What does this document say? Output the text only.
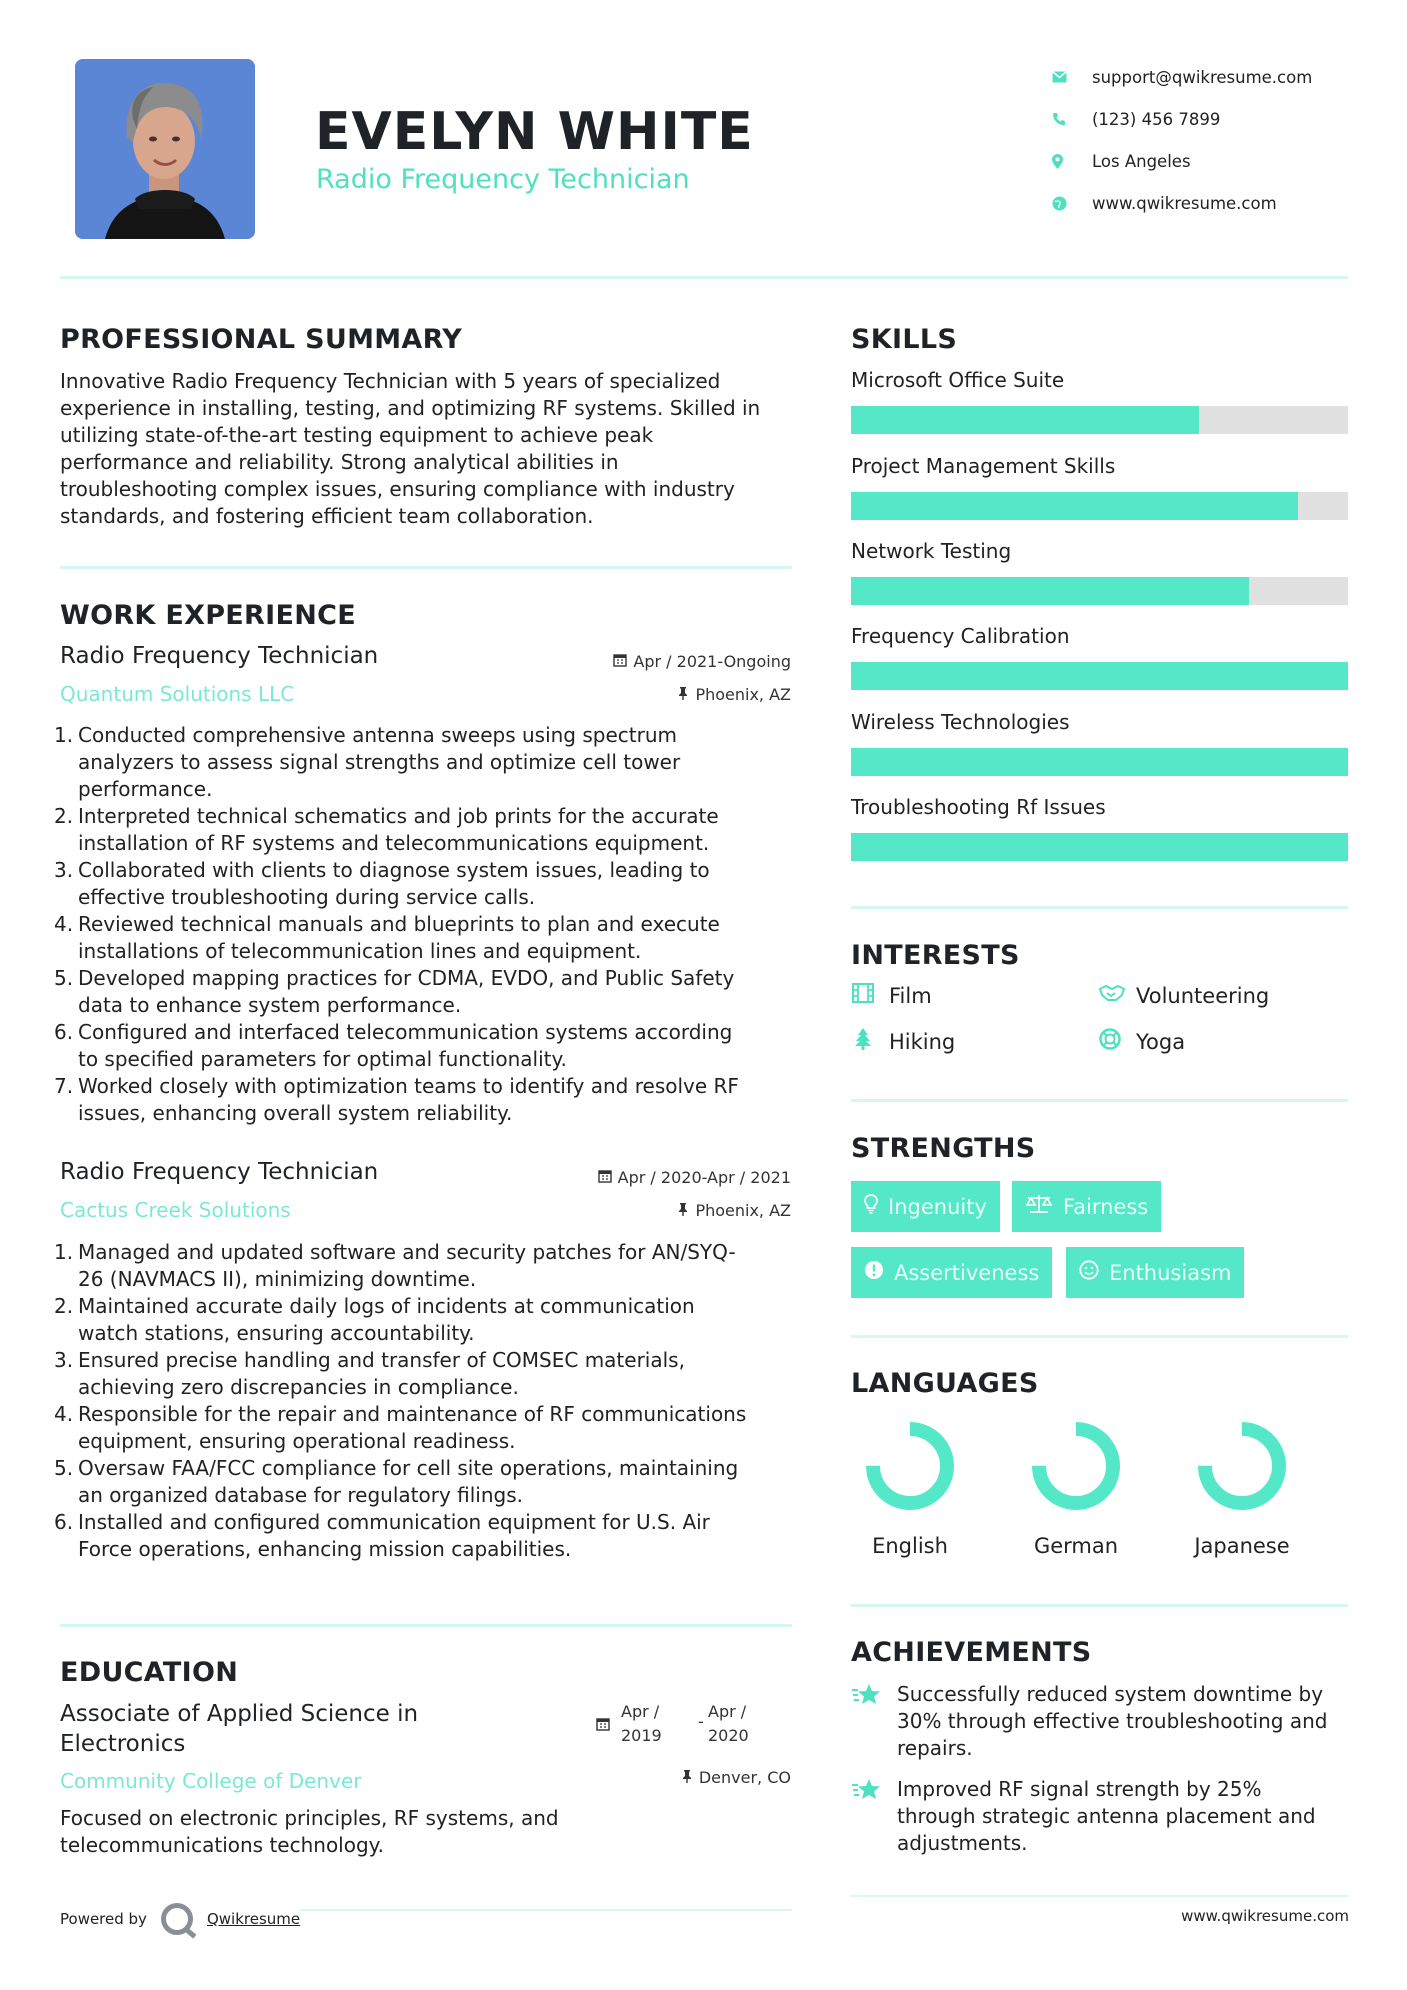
EVELYN WHITE
Radio Frequency Technician
support@qwikresume.com
(123) 456 7899
Los Angeles
www.qwikresume.com
PROFESSIONAL SUMMARY
Innovative Radio Frequency Technician with 5 years of specialized
experience in installing, testing, and optimizing RF systems. Skilled in
utilizing state-of-the-art testing equipment to achieve peak
performance and reliability. Strong analytical abilities in
troubleshooting complex issues, ensuring compliance with industry
standards, and fostering efficient team collaboration.
WORK EXPERIENCE
Radio Frequency Technician
Quantum Solutions LLC
Apr / 2021-Ongoing
Phoenix, AZ
1. Conducted comprehensive antenna sweeps using spectrum
analyzers to assess signal strengths and optimize cell tower
performance.
2. Interpreted technical schematics and job prints for the accurate
installation of RF systems and telecommunications equipment.
3. Collaborated with clients to diagnose system issues, leading to
effective troubleshooting during service calls.
4. Reviewed technical manuals and blueprints to plan and execute
installations of telecommunication lines and equipment.
5. Developed mapping practices for CDMA, EVDO, and Public Safety
data to enhance system performance.
6. Configured and interfaced telecommunication systems according
to specified parameters for optimal functionality.
7. Worked closely with optimization teams to identify and resolve RF
issues, enhancing overall system reliability.
Radio Frequency Technician
Cactus Creek Solutions
Apr / 2020-Apr / 2021
Phoenix, AZ
1. Managed and updated software and security patches for AN/SYQ-
26 (NAVMACS II), minimizing downtime.
2. Maintained accurate daily logs of incidents at communication
watch stations, ensuring accountability.
3. Ensured precise handling and transfer of COMSEC materials,
achieving zero discrepancies in compliance.
4. Responsible for the repair and maintenance of RF communications
equipment, ensuring operational readiness.
5. Oversaw FAA/FCC compliance for cell site operations, maintaining
an organized database for regulatory filings.
6. Installed and configured communication equipment for U.S. Air
Force operations, enhancing mission capabilities.
EDUCATION
Associate of Applied Science in
Electronics
Community College of Denver
Apr /
2019
-
Apr /
2020
Denver, CO
Focused on electronic principles, RF systems, and
telecommunications technology.
Powered by	Qwikresume
SKILLS
Microsoft Office Suite
Project Management Skills
Network Testing
Frequency Calibration
Wireless Technologies
Troubleshooting Rf Issues
INTERESTS
Film	Volunteering
Hiking	Yoga
STRENGTHS
Ingenuity	Fairness
Assertiveness	Enthusiasm
LANGUAGES
English	German	Japanese
ACHIEVEMENTS
Successfully reduced system downtime by
30% through effective troubleshooting and
repairs.
Improved RF signal strength by 25%
through strategic antenna placement and
adjustments.
www.qwikresume.com
